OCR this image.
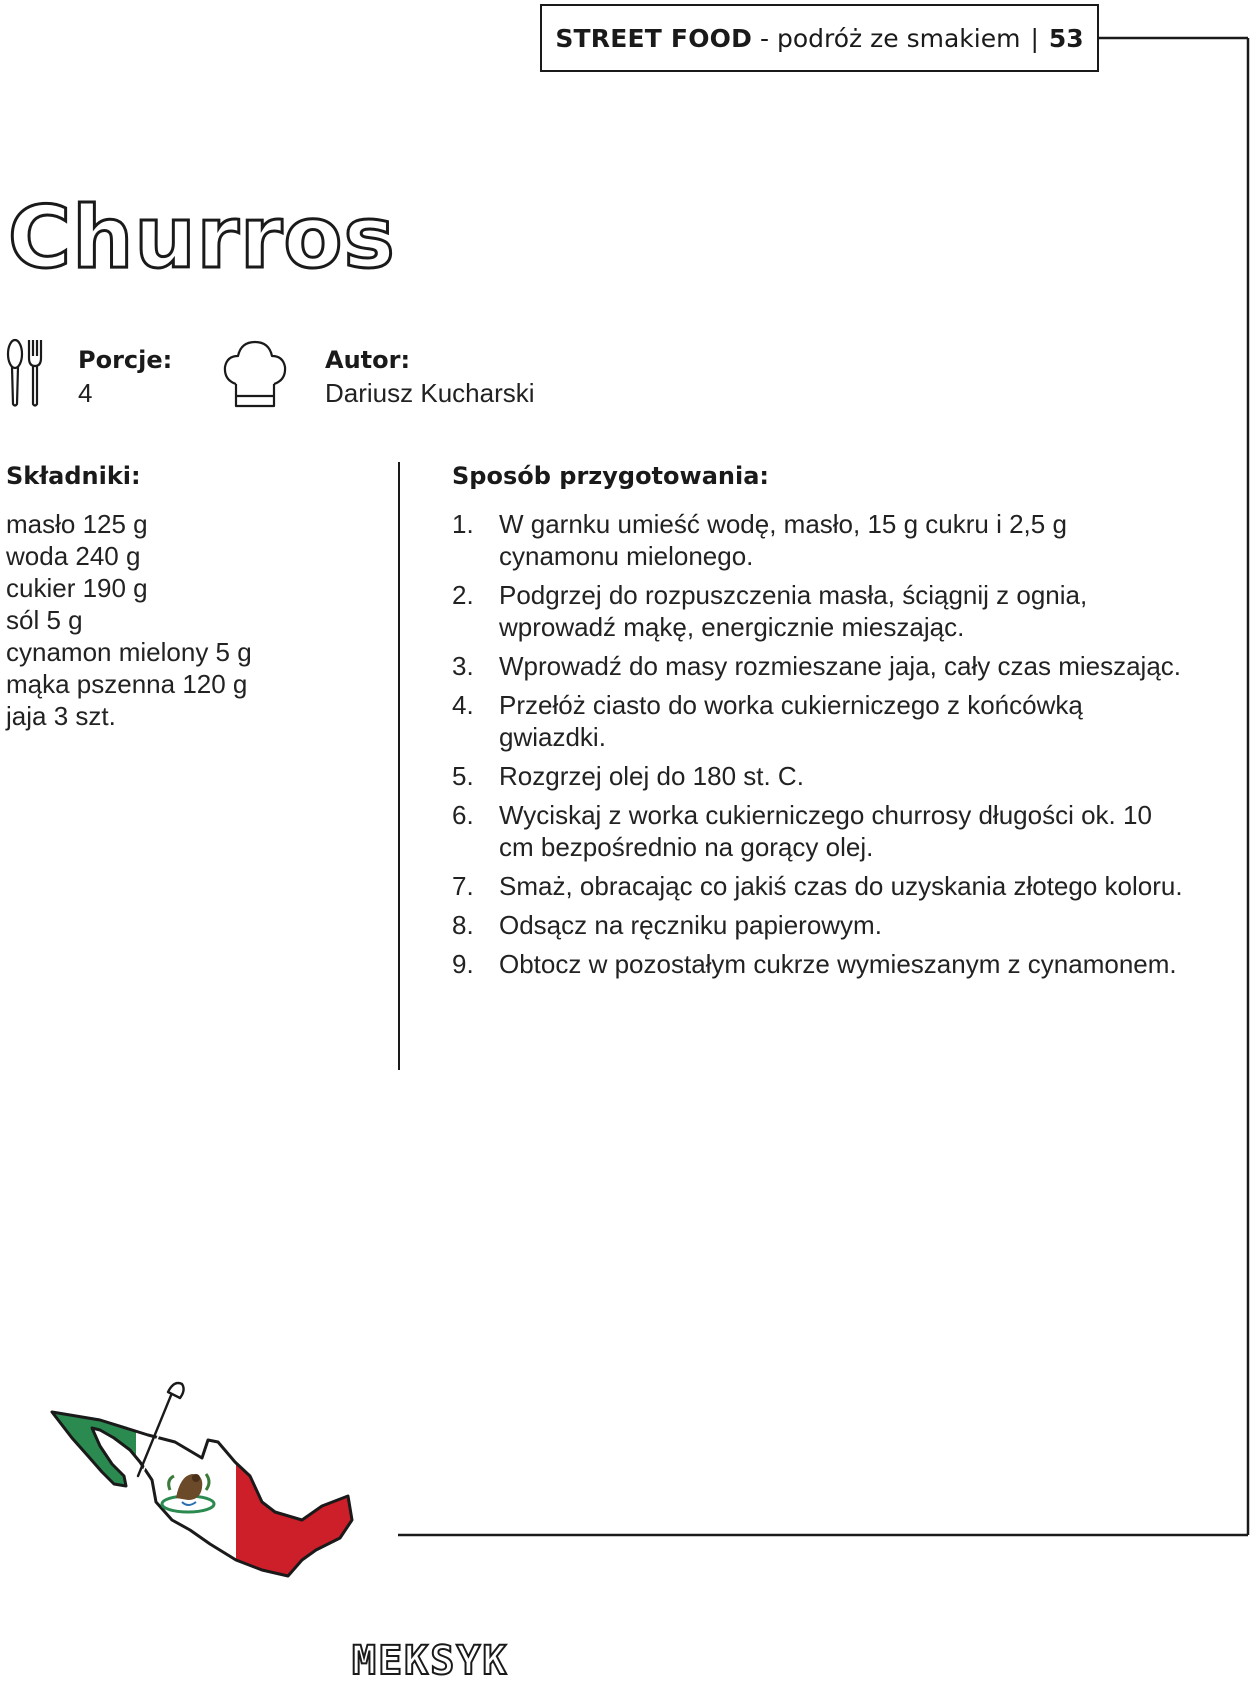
STREET FOOD - podróż ze smakiem | 53
Churros
Porcje:
4
Autor:
Dariusz Kucharski
Składniki:
masło 125 g
woda 240 g
cukier 190 g
sól 5 g
cynamon mielony 5 g
mąka pszenna 120 g
jaja 3 szt.
Sposób przygotowania:
1. W garnku umieść wodę, masło, 15 g cukru i 2,5 g cynamonu mielonego.
2. Podgrzej do rozpuszczenia masła, ściągnij z ognia, wprowadź mąkę, energicznie mieszając.
3. Wprowadź do masy rozmieszane jaja, cały czas mieszając.
4. Przełóż ciasto do worka cukierniczego z końcówką gwiazdki.
5. Rozgrzej olej do 180 st. C.
6. Wyciskaj z worka cukierniczego churrosy długości ok. 10 cm bezpośrednio na gorący olej.
7. Smaż, obracając co jakiś czas do uzyskania złotego koloru.
8. Odsącz na ręczniku papierowym.
9. Obtocz w pozostałym cukrze wymieszanym z cynamonem.
MEKSYK
